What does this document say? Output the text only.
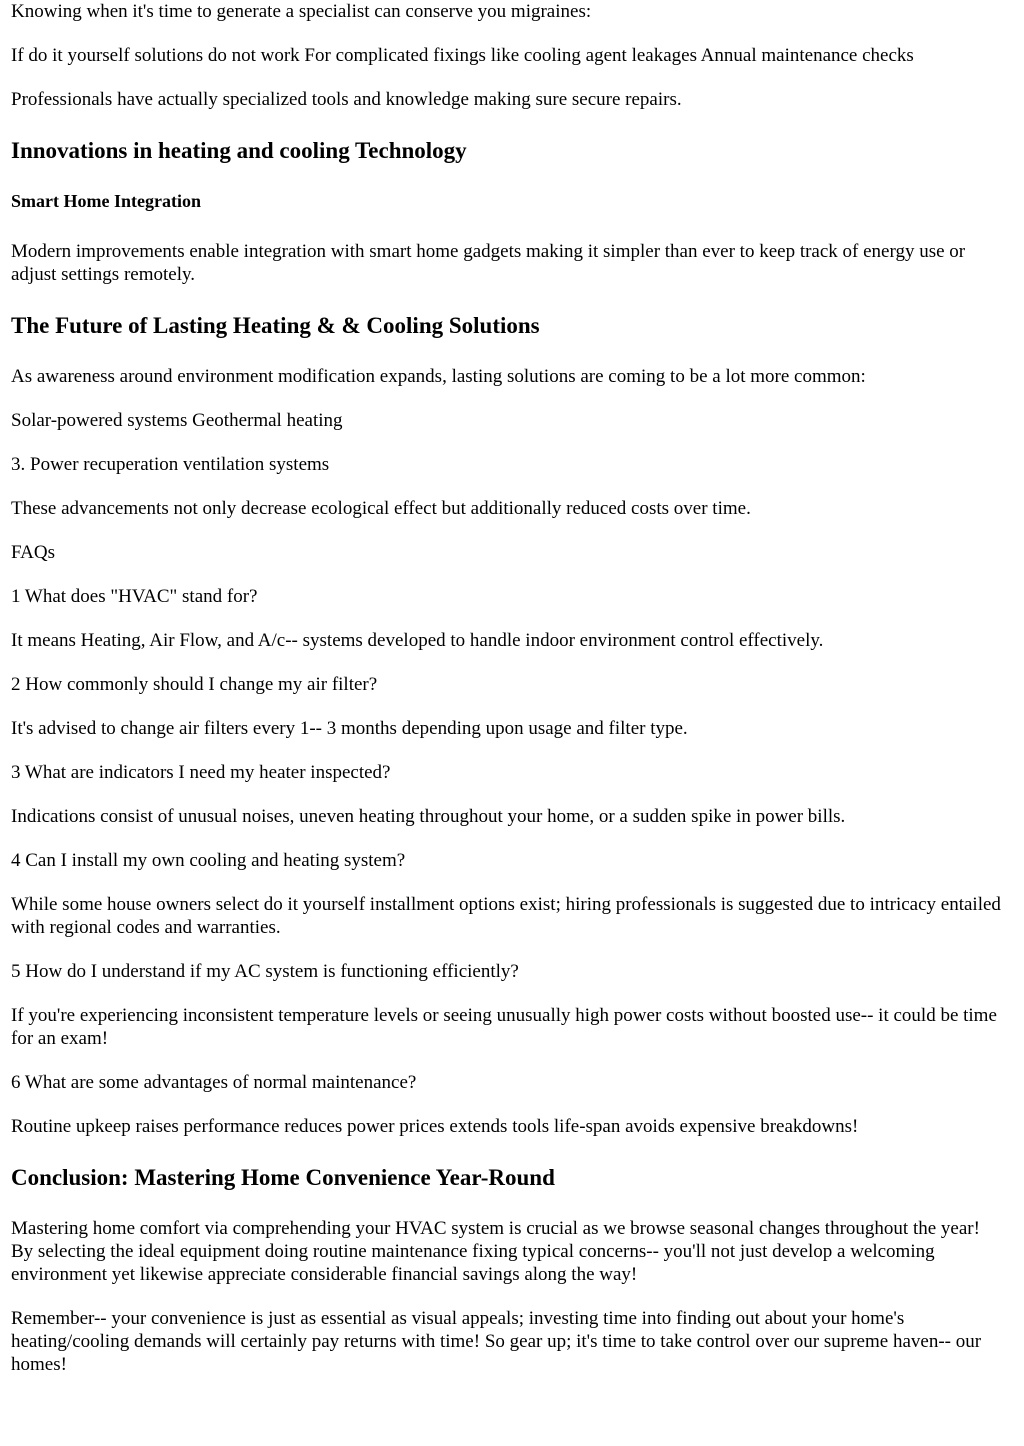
Knowing when it's time to generate a specialist can conserve you migraines:

If do it yourself solutions do not work For complicated fixings like cooling agent leakages Annual maintenance checks

Professionals have actually specialized tools and knowledge making sure secure repairs.

Innovations in heating and cooling Technology
Smart Home Integration

Modern improvements enable integration with smart home gadgets making it simpler than ever to keep track of energy use or adjust settings remotely.

The Future of Lasting Heating & & Cooling Solutions

As awareness around environment modification expands, lasting solutions are coming to be a lot more common:

Solar-powered systems Geothermal heating

3. Power recuperation ventilation systems

These advancements not only decrease ecological effect but additionally reduced costs over time.

FAQs

1 What does "HVAC" stand for?

It means Heating, Air Flow, and A/c-- systems developed to handle indoor environment control effectively.

2 How commonly should I change my air filter?

It's advised to change air filters every 1-- 3 months depending upon usage and filter type.

3 What are indicators I need my heater inspected?

Indications consist of unusual noises, uneven heating throughout your home, or a sudden spike in power bills.

4 Can I install my own cooling and heating system?

While some house owners select do it yourself installment options exist; hiring professionals is suggested due to intricacy entailed with regional codes and warranties.

5 How do I understand if my AC system is functioning efficiently?

If you're experiencing inconsistent temperature levels or seeing unusually high power costs without boosted use-- it could be time for an exam!

6 What are some advantages of normal maintenance?

Routine upkeep raises performance reduces power prices extends tools life-span avoids expensive breakdowns!

Conclusion: Mastering Home Convenience Year-Round

Mastering home comfort via comprehending your HVAC system is crucial as we browse seasonal changes throughout the year! By selecting the ideal equipment doing routine maintenance fixing typical concerns-- you'll not just develop a welcoming environment yet likewise appreciate considerable financial savings along the way!

Remember-- your convenience is just as essential as visual appeals; investing time into finding out about your home's heating/cooling demands will certainly pay returns with time! So gear up; it's time to take control over our supreme haven-- our homes!
